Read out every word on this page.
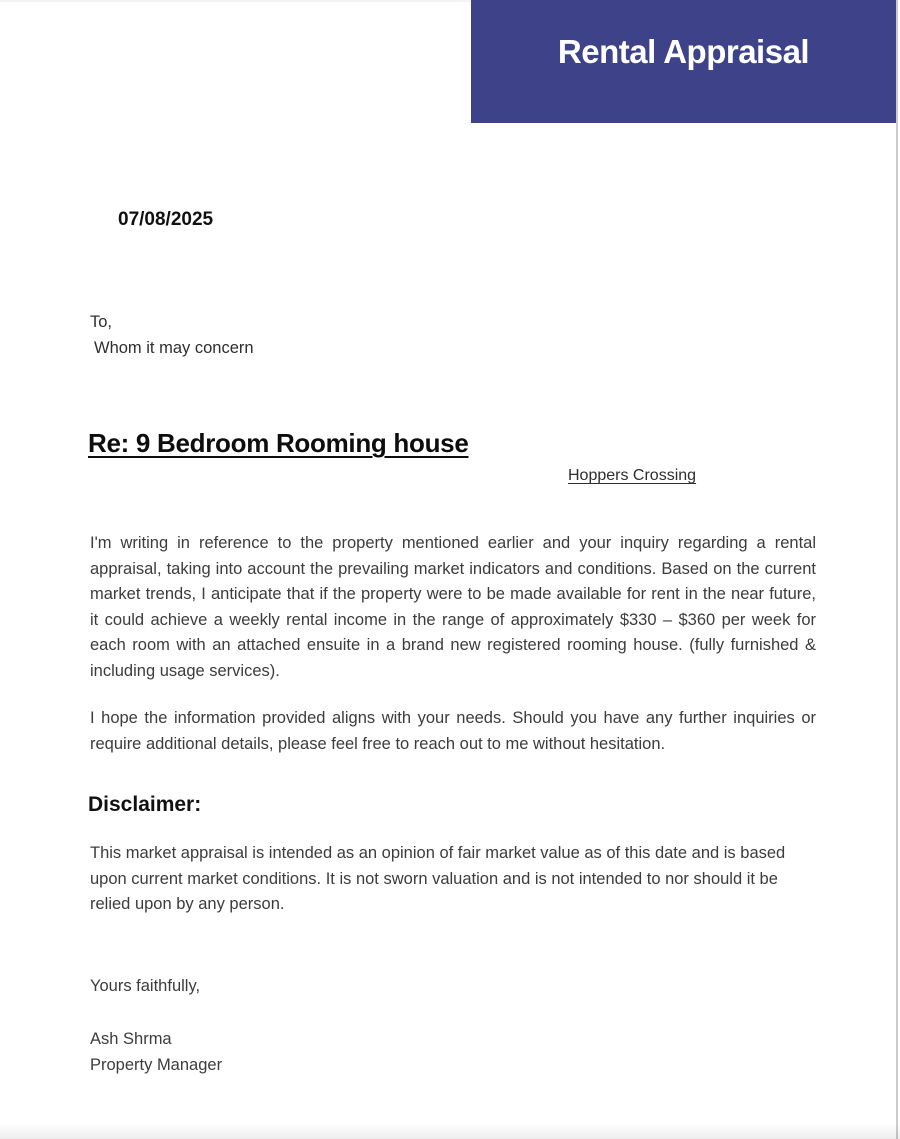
Rental Appraisal
07/08/2025
To,
Whom it may concern
Re: 9 Bedroom Rooming house
Hoppers Crossing

I'm writing in reference to the property mentioned earlier and your inquiry regarding a rental appraisal, taking into account the prevailing market indicators and conditions. Based on the current market trends, I anticipate that if the property were to be made available for rent in the near future, it could achieve a weekly rental income in the range of approximately $330 – $360 per week for each room with an attached ensuite in a brand new registered rooming house. (fully furnished & including usage services).

I hope the information provided aligns with your needs. Should you have any further inquiries or require additional details, please feel free to reach out to me without hesitation.

Disclaimer:

This market appraisal is intended as an opinion of fair market value as of this date and is based upon current market conditions. It is not sworn valuation and is not intended to nor should it be relied upon by any person.

Yours faithfully,
Ash Shrma
Property Manager
